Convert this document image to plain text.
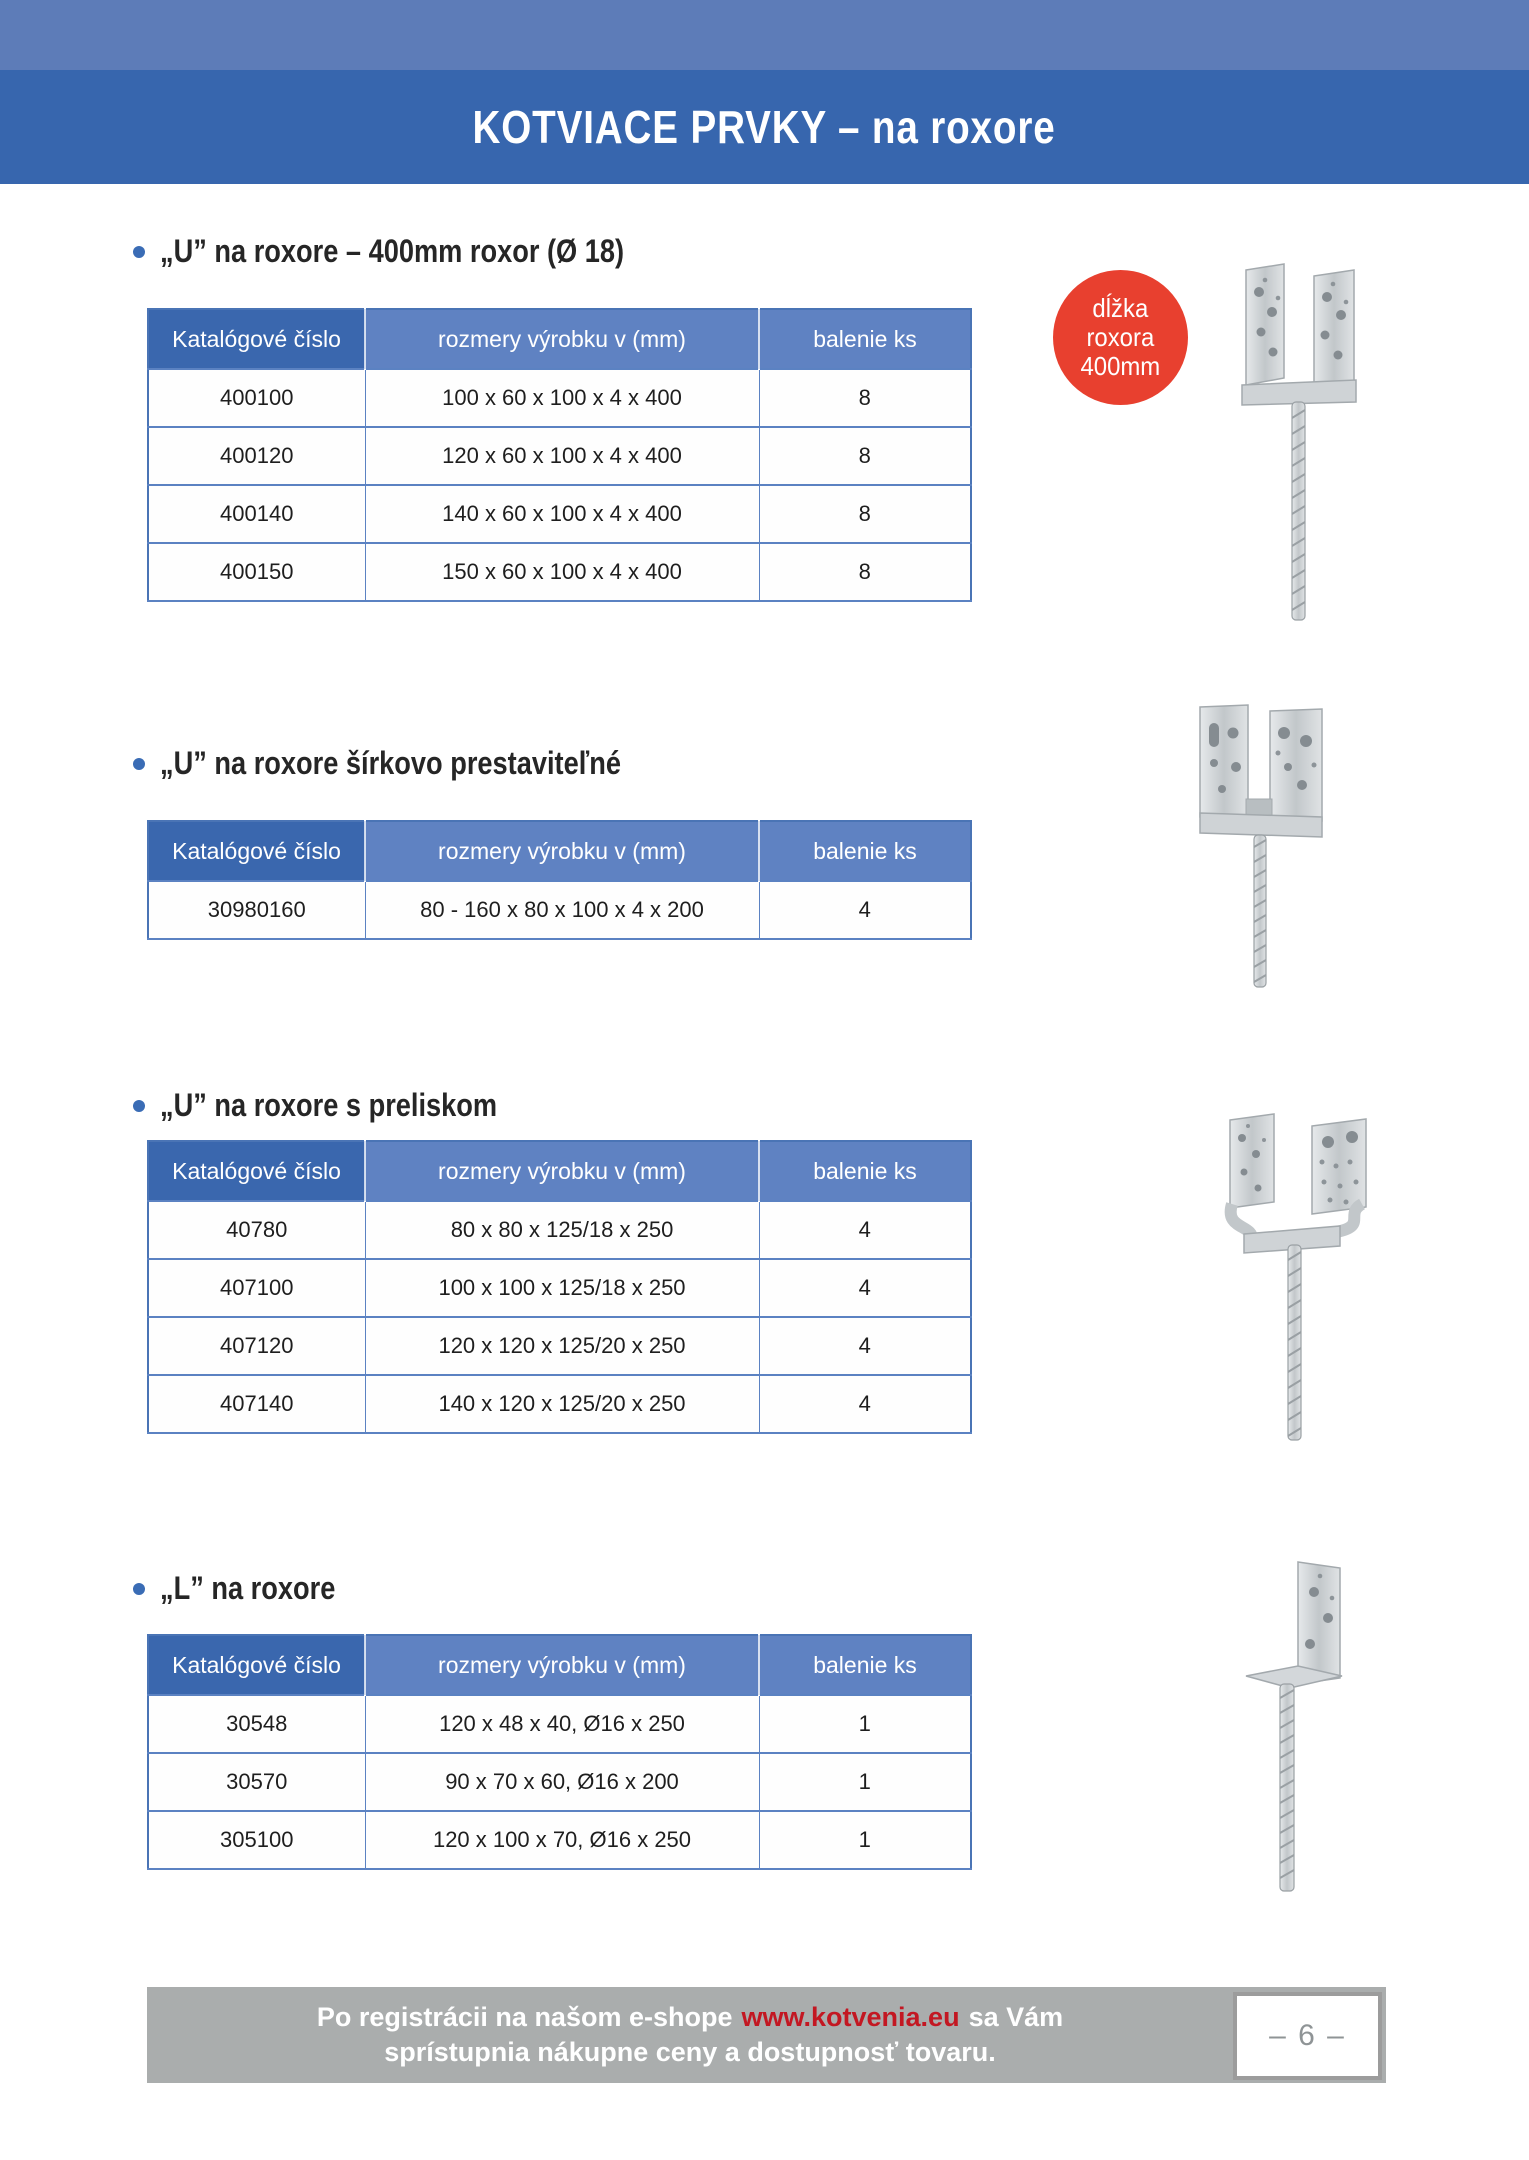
KOTVIACE PRVKY – na roxore
„U” na roxore – 400mm roxor (Ø 18)
Katalógové číslo	rozmery výrobku v (mm)	balenie ks
400100	100 x 60 x 100 x 4 x 400	8
400120	120 x 60 x 100 x 4 x 400	8
400140	140 x 60 x 100 x 4 x 400	8
400150	150 x 60 x 100 x 4 x 400	8
dĺžka
roxora
400mm
„U” na roxore šírkovo prestaviteľné
Katalógové číslo	rozmery výrobku v (mm)	balenie ks
30980160	80 - 160 x 80 x 100 x 4 x 200	4
„U” na roxore s preliskom
Katalógové číslo	rozmery výrobku v (mm)	balenie ks
40780	80 x 80 x 125/18 x 250	4
407100	100 x 100 x 125/18 x 250	4
407120	120 x 120 x 125/20 x 250	4
407140	140 x 120 x 125/20 x 250	4
„L” na roxore
Katalógové číslo	rozmery výrobku v (mm)	balenie ks
30548	120 x 48 x 40, Ø16 x 250	1
30570	90 x 70 x 60, Ø16 x 200	1
305100	120 x 100 x 70, Ø16 x 250	1
Po registrácii na našom e-shope www.kotvenia.eu sa Vám
sprístupnia nákupne ceny a dostupnosť tovaru.	– 6 –
